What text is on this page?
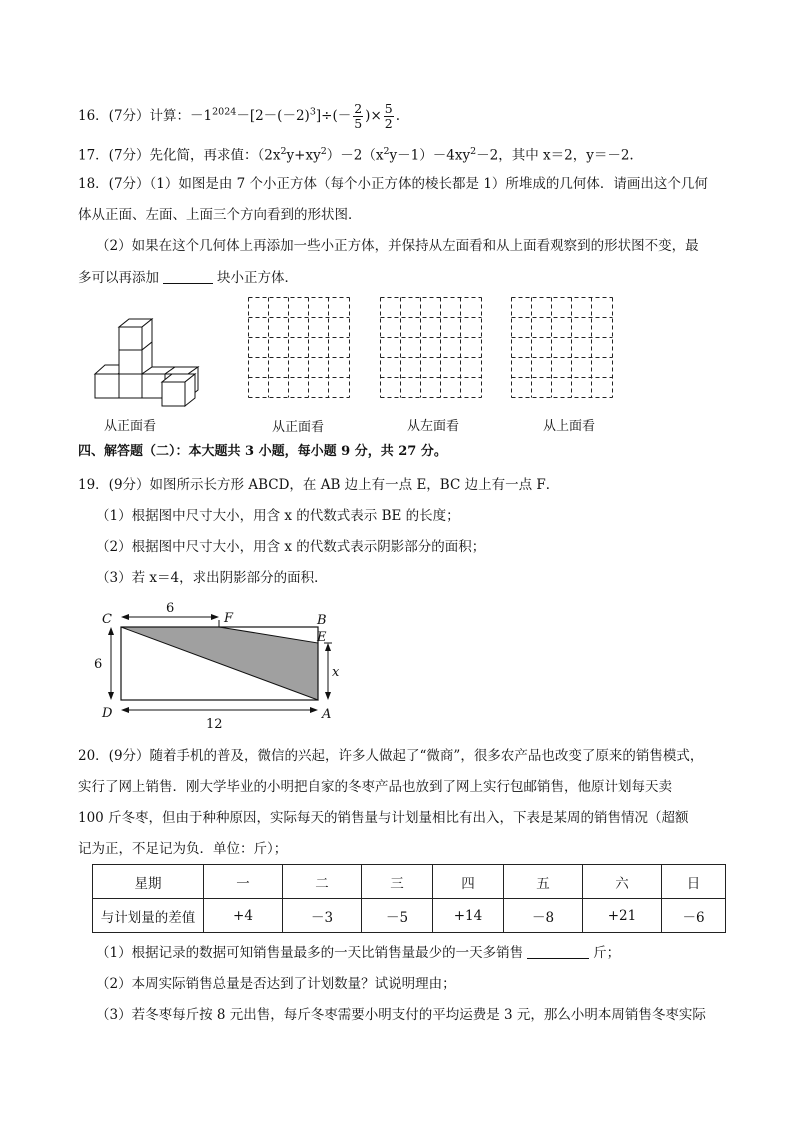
16．(7分）计算：$-1^{2024}-[2-(-2)^3]\div(- \frac{2}{5}$ )× $\frac{5}{2}$ .
17．(7分）先化简，再求值：$(2x^2y+xy^2)-2(x^2y-1)-4xy^2-2$，其中 x＝2，y＝－2.
18．(7分）（1）如图是由 7 个小正方体（每个小正方体的棱长都是 1）所堆成的几何体．请画出这个几何
体从正面、左面、上面三个方向看到的形状图．
（2）如果在这个几何体上再添加一些小正方体，并保持从左面看和从上面看观察到的形状图不变，最
多可以再添加	块小正方体．
从正面看	从正面看	从左面看	从上面看
四、解答题（二）：本大题共 3 小题，每小题 9 分，共 27 分。
19．(9分）如图所示长方形 ABCD，在 AB 边上有一点 E，BC 边上有一点 F．
（1）根据图中尺寸大小，用含 x 的代数式表示 BE 的长度；
（2）根据图中尺寸大小，用含 x 的代数式表示阴影部分的面积；
（3）若 x＝4，求出阴影部分的面积．
C	F	B
E
D	A
x
6
6
12
20．(9分）随着手机的普及，微信的兴起，许多人做起了“微商”，很多农产品也改变了原来的销售模式，
实行了网上销售．刚大学毕业的小明把自家的冬枣产品也放到了网上实行包邮销售，他原计划每天卖
100 斤冬枣，但由于种种原因，实际每天的销售量与计划量相比有出入，下表是某周的销售情况（超额
记为正，不足记为负．单位：斤）；
星期	一	二	三	四	五	六	日
与计划量的差值	+4	－3	－5	+14	－8	+21	－6
（1）根据记录的数据可知销售量最多的一天比销售量最少的一天多销售	斤；
（2）本周实际销售总量是否达到了计划数量？试说明理由；
（3）若冬枣每斤按 8 元出售，每斤冬枣需要小明支付的平均运费是 3 元，那么小明本周销售冬枣实际
